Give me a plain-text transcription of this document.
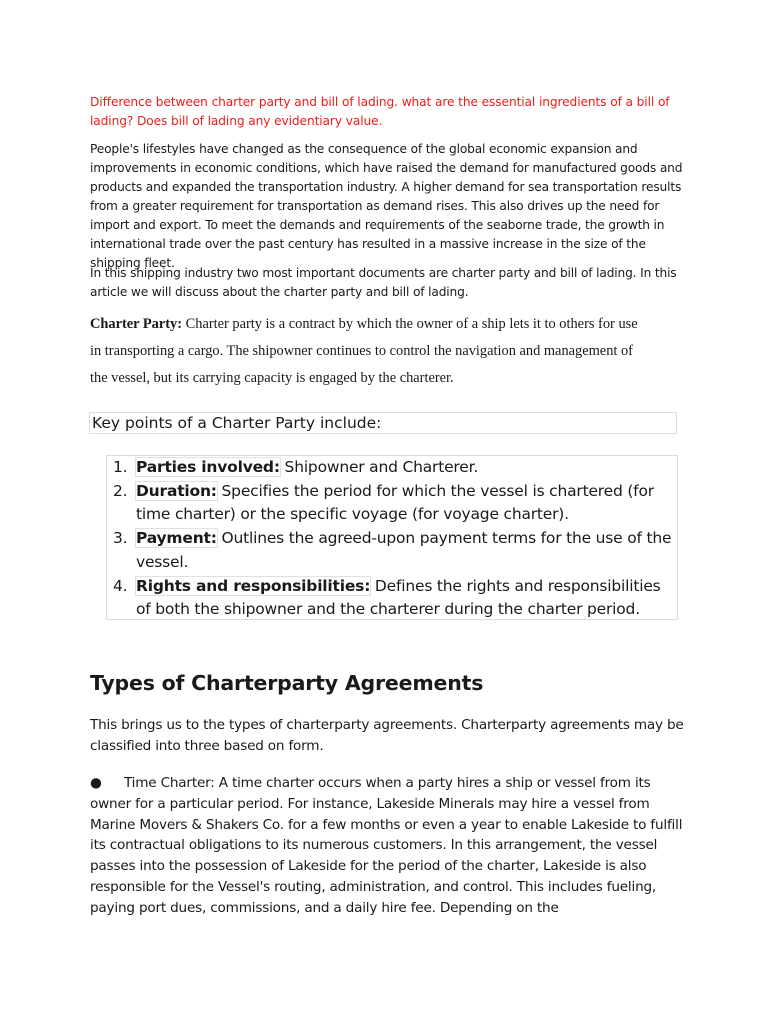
Difference between charter party and bill of lading. what are the essential ingredients of a bill of lading? Does bill of lading any evidentiary value.

People's lifestyles have changed as the consequence of the global economic expansion and improvements in economic conditions, which have raised the demand for manufactured goods and products and expanded the transportation industry. A higher demand for sea transportation results from a greater requirement for transportation as demand rises. This also drives up the need for import and export. To meet the demands and requirements of the seaborne trade, the growth in international trade over the past century has resulted in a massive increase in the size of the shipping fleet.

In this shipping industry two most important documents are charter party and bill of lading. In this article we will discuss about the charter party and bill of lading.

Charter Party: Charter party is a contract by which the owner of a ship lets it to others for use in transporting a cargo. The shipowner continues to control the navigation and management of the vessel, but its carrying capacity is engaged by the charterer.

Key points of a Charter Party include:

1. Parties involved: Shipowner and Charterer.
2. Duration: Specifies the period for which the vessel is chartered (for time charter) or the specific voyage (for voyage charter).
3. Payment: Outlines the agreed-upon payment terms for the use of the vessel.
4. Rights and responsibilities: Defines the rights and responsibilities of both the shipowner and the charterer during the charter period.
Types of Charterparty Agreements

This brings us to the types of charterparty agreements. Charterparty agreements may be classified into three based on form.

● Time Charter: A time charter occurs when a party hires a ship or vessel from its owner for a particular period. For instance, Lakeside Minerals may hire a vessel from Marine Movers & Shakers Co. for a few months or even a year to enable Lakeside to fulfill its contractual obligations to its numerous customers. In this arrangement, the vessel passes into the possession of Lakeside for the period of the charter, Lakeside is also responsible for the Vessel's routing, administration, and control. This includes fueling, paying port dues, commissions, and a daily hire fee. Depending on the
